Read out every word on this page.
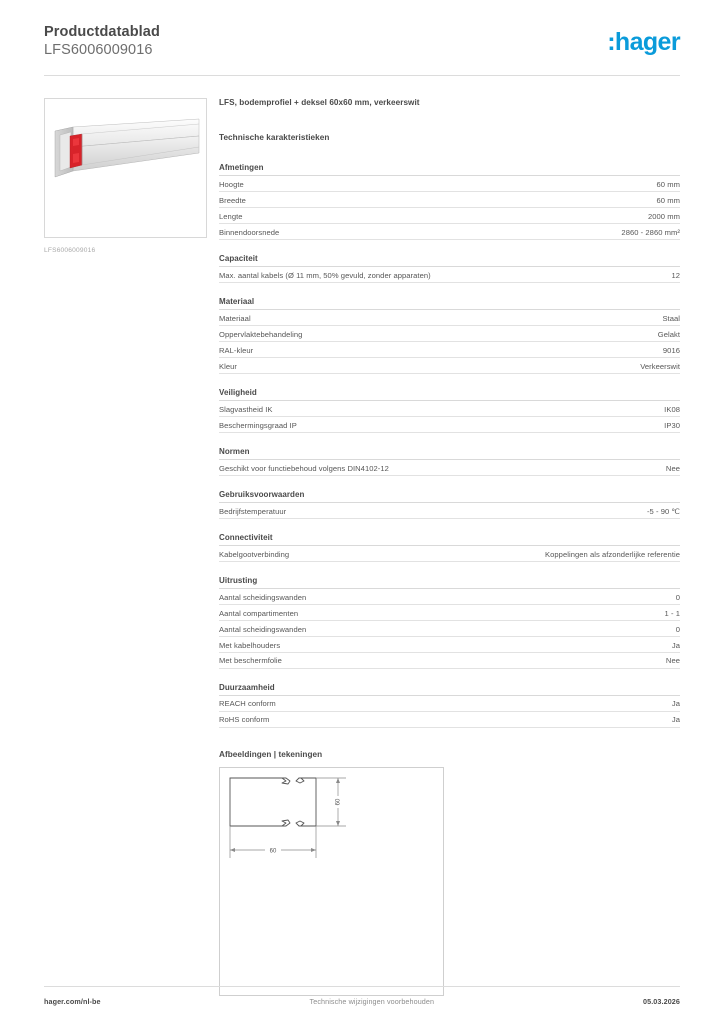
Productdatablad
LFS6006009016	:hager
LFS6006009016
LFS, bodemprofiel + deksel 60x60 mm, verkeerswit
Technische karakteristieken
Afmetingen
Hoogte	60 mm
Breedte	60 mm
Lengte	2000 mm
Binnendoorsnede	2860 - 2860 mm²
Capaciteit
Max. aantal kabels (Ø 11 mm, 50% gevuld, zonder apparaten)	12
Materiaal
Materiaal	Staal
Oppervlaktebehandeling	Gelakt
RAL-kleur	9016
Kleur	Verkeerswit
Veiligheid
Slagvastheid IK	IK08
Beschermingsgraad IP	IP30
Normen
Geschikt voor functiebehoud volgens DIN4102-12	Nee
Gebruiksvoorwaarden
Bedrijfstemperatuur	-5 - 90 ℃
Connectiviteit
Kabelgootverbinding	Koppelingen als afzonderlijke referentie
Uitrusting
Aantal scheidingswanden	0
Aantal compartimenten	1 - 1
Aantal scheidingswanden	0
Met kabelhouders	Ja
Met beschermfolie	Nee
Duurzaamheid
REACH conform	Ja
RoHS conform	Ja
Afbeeldingen | tekeningen
60
60
hager.com/nl-be	Technische wijzigingen voorbehouden	05.03.2026
